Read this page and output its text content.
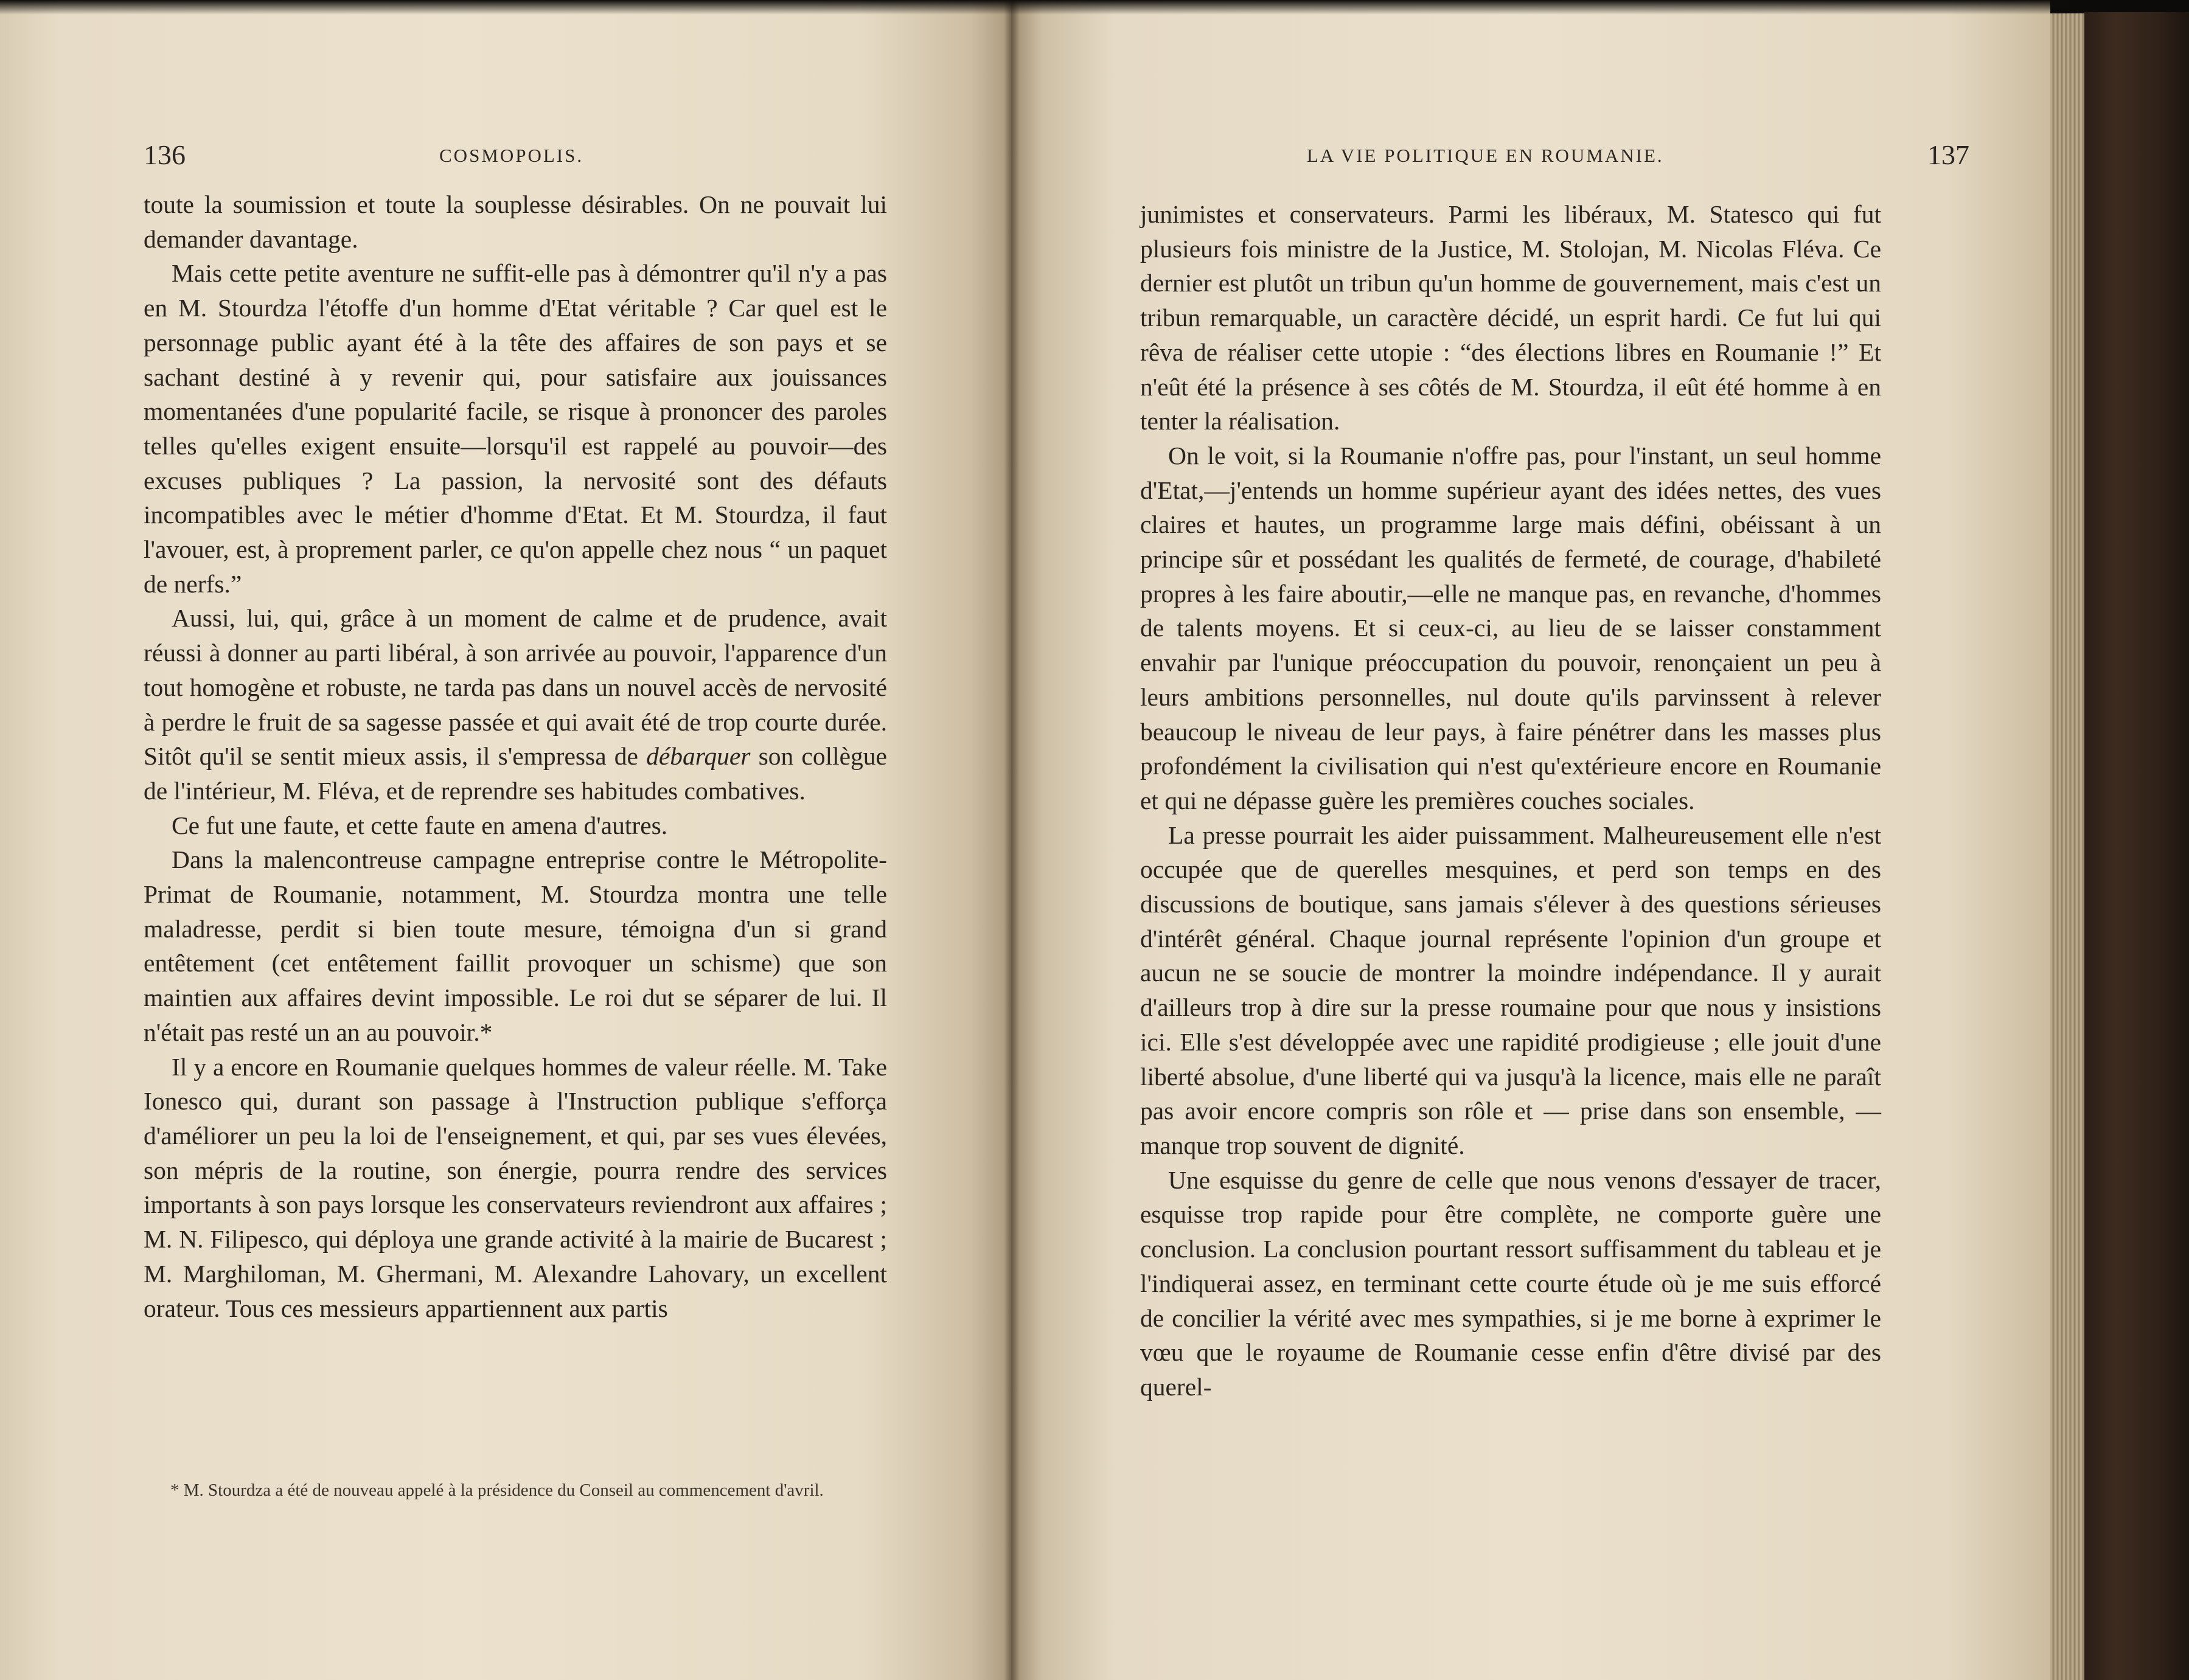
136	COSMOPOLIS.

toute la soumission et toute la souplesse désirables. On ne pouvait lui demander davantage.

Mais cette petite aventure ne suffit-elle pas à démontrer qu'il n'y a pas en M. Stourdza l'étoffe d'un homme d'Etat véritable ? Car quel est le personnage public ayant été à la tête des affaires de son pays et se sachant destiné à y revenir qui, pour satisfaire aux jouissances momentanées d'une popularité facile, se risque à prononcer des paroles telles qu'elles exigent ensuite—lorsqu'il est rappelé au pouvoir—des excuses publiques ? La passion, la nervosité sont des défauts incompatibles avec le métier d'homme d'Etat. Et M. Stourdza, il faut l'avouer, est, à proprement parler, ce qu'on appelle chez nous “ un paquet de nerfs.”

Aussi, lui, qui, grâce à un moment de calme et de prudence, avait réussi à donner au parti libéral, à son arrivée au pouvoir, l'apparence d'un tout homogène et robuste, ne tarda pas dans un nouvel accès de nervosité à perdre le fruit de sa sagesse passée et qui avait été de trop courte durée. Sitôt qu'il se sentit mieux assis, il s'empressa de débarquer son collègue de l'intérieur, M. Fléva, et de reprendre ses habitudes combatives.

Ce fut une faute, et cette faute en amena d'autres.

Dans la malencontreuse campagne entreprise contre le Métropolite-Primat de Roumanie, notamment, M. Stourdza montra une telle maladresse, perdit si bien toute mesure, témoigna d'un si grand entêtement (cet entêtement faillit provoquer un schisme) que son maintien aux affaires devint impossible. Le roi dut se séparer de lui. Il n'était pas resté un an au pouvoir.*

Il y a encore en Roumanie quelques hommes de valeur réelle. M. Take Ionesco qui, durant son passage à l'Instruction publique s'efforça d'améliorer un peu la loi de l'enseignement, et qui, par ses vues élevées, son mépris de la routine, son énergie, pourra rendre des services importants à son pays lorsque les conservateurs reviendront aux affaires ; M. N. Filipesco, qui déploya une grande activité à la mairie de Bucarest ; M. Marghiloman, M. Ghermani, M. Alexandre Lahovary, un excellent orateur. Tous ces messieurs appartiennent aux partis

* M. Stourdza a été de nouveau appelé à la présidence du Conseil au commencement d'avril.

LA VIE POLITIQUE EN ROUMANIE.	137

junimistes et conservateurs. Parmi les libéraux, M. Statesco qui fut plusieurs fois ministre de la Justice, M. Stolojan, M. Nicolas Fléva. Ce dernier est plutôt un tribun qu'un homme de gouvernement, mais c'est un tribun remarquable, un caractère décidé, un esprit hardi. Ce fut lui qui rêva de réaliser cette utopie : “des élections libres en Roumanie !” Et n'eût été la présence à ses côtés de M. Stourdza, il eût été homme à en tenter la réalisation.

On le voit, si la Roumanie n'offre pas, pour l'instant, un seul homme d'Etat,—j'entends un homme supérieur ayant des idées nettes, des vues claires et hautes, un programme large mais défini, obéissant à un principe sûr et possédant les qualités de fermeté, de courage, d'habileté propres à les faire aboutir,—elle ne manque pas, en revanche, d'hommes de talents moyens. Et si ceux-ci, au lieu de se laisser constamment envahir par l'unique préoccupation du pouvoir, renonçaient un peu à leurs ambitions personnelles, nul doute qu'ils parvinssent à relever beaucoup le niveau de leur pays, à faire pénétrer dans les masses plus profondément la civilisation qui n'est qu'extérieure encore en Roumanie et qui ne dépasse guère les premières couches sociales.

La presse pourrait les aider puissamment. Malheureusement elle n'est occupée que de querelles mesquines, et perd son temps en des discussions de boutique, sans jamais s'élever à des questions sérieuses d'intérêt général. Chaque journal représente l'opinion d'un groupe et aucun ne se soucie de montrer la moindre indépendance. Il y aurait d'ailleurs trop à dire sur la presse roumaine pour que nous y insistions ici. Elle s'est développée avec une rapidité prodigieuse ; elle jouit d'une liberté absolue, d'une liberté qui va jusqu'à la licence, mais elle ne paraît pas avoir encore compris son rôle et — prise dans son ensemble, — manque trop souvent de dignité.

Une esquisse du genre de celle que nous venons d'essayer de tracer, esquisse trop rapide pour être complète, ne comporte guère une conclusion. La conclusion pourtant ressort suffisamment du tableau et je l'indiquerai assez, en terminant cette courte étude où je me suis efforcé de concilier la vérité avec mes sympathies, si je me borne à exprimer le vœu que le royaume de Roumanie cesse enfin d'être divisé par des querel-
